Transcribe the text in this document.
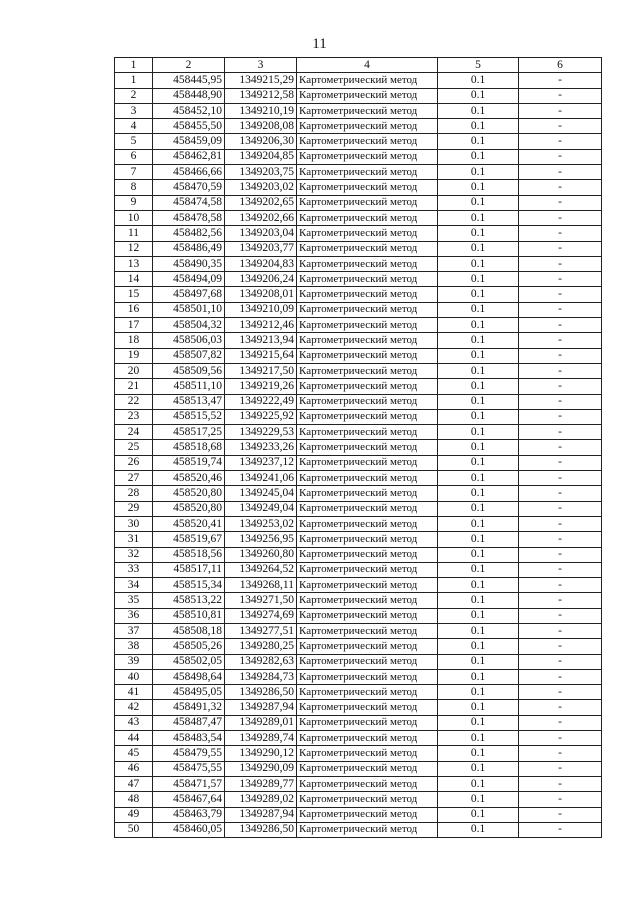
11
1	2	3	4	5	6
1	458445,95	1349215,29	Картометрический метод	0.1	-
2	458448,90	1349212,58	Картометрический метод	0.1	-
3	458452,10	1349210,19	Картометрический метод	0.1	-
4	458455,50	1349208,08	Картометрический метод	0.1	-
5	458459,09	1349206,30	Картометрический метод	0.1	-
6	458462,81	1349204,85	Картометрический метод	0.1	-
7	458466,66	1349203,75	Картометрический метод	0.1	-
8	458470,59	1349203,02	Картометрический метод	0.1	-
9	458474,58	1349202,65	Картометрический метод	0.1	-
10	458478,58	1349202,66	Картометрический метод	0.1	-
11	458482,56	1349203,04	Картометрический метод	0.1	-
12	458486,49	1349203,77	Картометрический метод	0.1	-
13	458490,35	1349204,83	Картометрический метод	0.1	-
14	458494,09	1349206,24	Картометрический метод	0.1	-
15	458497,68	1349208,01	Картометрический метод	0.1	-
16	458501,10	1349210,09	Картометрический метод	0.1	-
17	458504,32	1349212,46	Картометрический метод	0.1	-
18	458506,03	1349213,94	Картометрический метод	0.1	-
19	458507,82	1349215,64	Картометрический метод	0.1	-
20	458509,56	1349217,50	Картометрический метод	0.1	-
21	458511,10	1349219,26	Картометрический метод	0.1	-
22	458513,47	1349222,49	Картометрический метод	0.1	-
23	458515,52	1349225,92	Картометрический метод	0.1	-
24	458517,25	1349229,53	Картометрический метод	0.1	-
25	458518,68	1349233,26	Картометрический метод	0.1	-
26	458519,74	1349237,12	Картометрический метод	0.1	-
27	458520,46	1349241,06	Картометрический метод	0.1	-
28	458520,80	1349245,04	Картометрический метод	0.1	-
29	458520,80	1349249,04	Картометрический метод	0.1	-
30	458520,41	1349253,02	Картометрический метод	0.1	-
31	458519,67	1349256,95	Картометрический метод	0.1	-
32	458518,56	1349260,80	Картометрический метод	0.1	-
33	458517,11	1349264,52	Картометрический метод	0.1	-
34	458515,34	1349268,11	Картометрический метод	0.1	-
35	458513,22	1349271,50	Картометрический метод	0.1	-
36	458510,81	1349274,69	Картометрический метод	0.1	-
37	458508,18	1349277,51	Картометрический метод	0.1	-
38	458505,26	1349280,25	Картометрический метод	0.1	-
39	458502,05	1349282,63	Картометрический метод	0.1	-
40	458498,64	1349284,73	Картометрический метод	0.1	-
41	458495,05	1349286,50	Картометрический метод	0.1	-
42	458491,32	1349287,94	Картометрический метод	0.1	-
43	458487,47	1349289,01	Картометрический метод	0.1	-
44	458483,54	1349289,74	Картометрический метод	0.1	-
45	458479,55	1349290,12	Картометрический метод	0.1	-
46	458475,55	1349290,09	Картометрический метод	0.1	-
47	458471,57	1349289,77	Картометрический метод	0.1	-
48	458467,64	1349289,02	Картометрический метод	0.1	-
49	458463,79	1349287,94	Картометрический метод	0.1	-
50	458460,05	1349286,50	Картометрический метод	0.1	-
